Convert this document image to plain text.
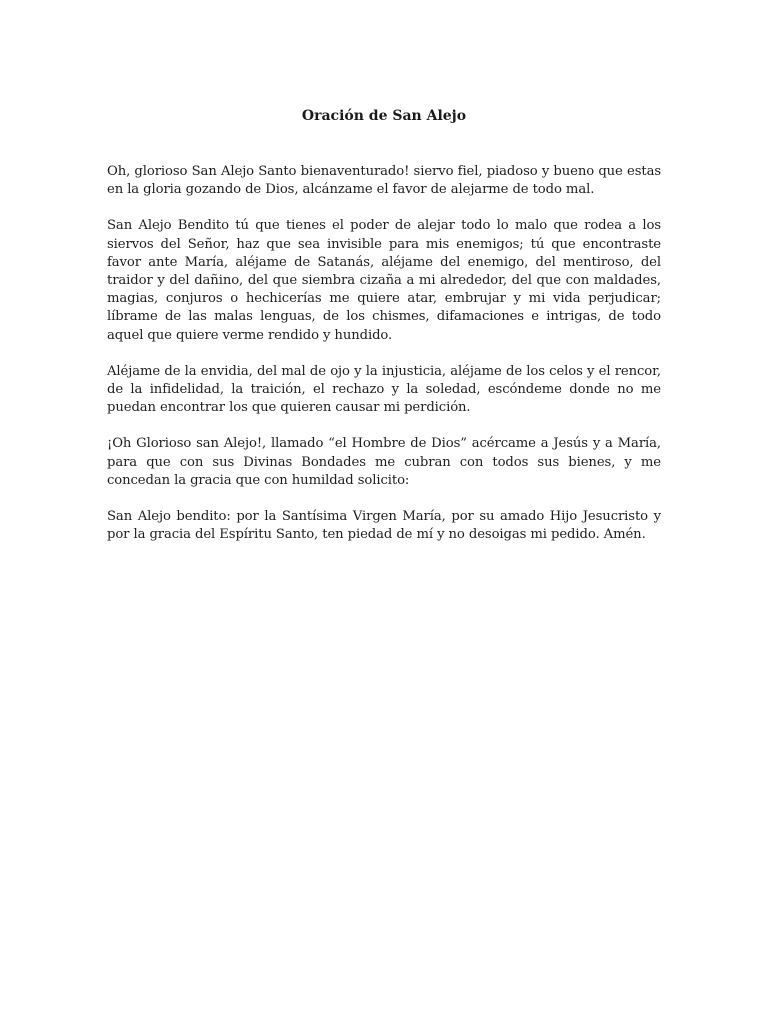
Oración de San Alejo

Oh, glorioso San Alejo Santo bienaventurado! siervo fiel, piadoso y bueno que estas en la gloria gozando de Dios, alcánzame el favor de alejarme de todo mal.

San Alejo Bendito tú que tienes el poder de alejar todo lo malo que rodea a los siervos del Señor, haz que sea invisible para mis enemigos; tú que encontraste favor ante María, aléjame de Satanás, aléjame del enemigo, del mentiroso, del traidor y del dañino, del que siembra cizaña a mi alrededor, del que con maldades, magias, conjuros o hechicerías me quiere atar, embrujar y mi vida perjudicar; líbrame de las malas lenguas, de los chismes, difamaciones e intrigas, de todo aquel que quiere verme rendido y hundido.

Aléjame de la envidia, del mal de ojo y la injusticia, aléjame de los celos y el rencor, de la infidelidad, la traición, el rechazo y la soledad, escóndeme donde no me puedan encontrar los que quieren causar mi perdición.

¡Oh Glorioso san Alejo!, llamado “el Hombre de Dios” acércame a Jesús y a María, para que con sus Divinas Bondades me cubran con todos sus bienes, y me concedan la gracia que con humildad solicito:

San Alejo bendito: por la Santísima Virgen María, por su amado Hijo Jesucristo y por la gracia del Espíritu Santo, ten piedad de mí y no desoigas mi pedido. Amén.
